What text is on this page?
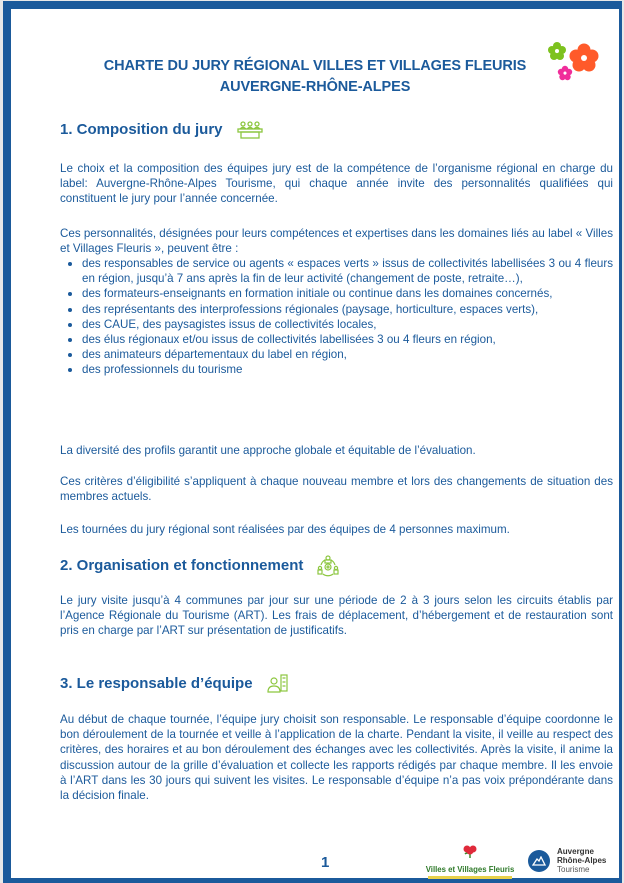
CHARTE DU JURY RÉGIONAL VILLES ET VILLAGES FLEURIS
AUVERGNE-RHÔNE-ALPES
1. Composition du jury

Le choix et la composition des équipes jury est de la compétence de l’organisme régional en charge du label: Auvergne-Rhône-Alpes Tourisme, qui chaque année invite des personnalités qualifiées qui constituent le jury pour l’année concernée.

Ces personnalités, désignées pour leurs compétences et expertises dans les domaines liés au label « Villes et Villages Fleuris », peuvent être :

des responsables de service ou agents « espaces verts » issus de collectivités labellisées 3 ou 4 fleurs en région, jusqu’à 7 ans après la fin de leur activité (changement de poste, retraite…),
des formateurs-enseignants en formation initiale ou continue dans les domaines concernés,
des représentants des interprofessions régionales (paysage, horticulture, espaces verts),
des CAUE, des paysagistes issus de collectivités locales,
des élus régionaux et/ou issus de collectivités labellisées 3 ou 4 fleurs en région,
des animateurs départementaux du label en région,
des professionnels du tourisme

La diversité des profils garantit une approche globale et équitable de l’évaluation.

Ces critères d’éligibilité s’appliquent à chaque nouveau membre et lors des changements de situation des membres actuels.

Les tournées du jury régional sont réalisées par des équipes de 4 personnes maximum.

2. Organisation et fonctionnement

Le jury visite jusqu’à 4 communes par jour sur une période de 2 à 3 jours selon les circuits établis par l’Agence Régionale du Tourisme (ART). Les frais de déplacement, d’hébergement et de restauration sont pris en charge par l’ART sur présentation de justificatifs.

3. Le responsable d’équipe

Au début de chaque tournée, l’équipe jury choisit son responsable. Le responsable d’équipe coordonne le bon déroulement de la tournée et veille à l’application de la charte. Pendant la visite, il veille au respect des critères, des horaires et au bon déroulement des échanges avec les collectivités. Après la visite, il anime la discussion autour de la grille d’évaluation et collecte les rapports rédigés par chaque membre. Il les envoie à l’ART dans les 30 jours qui suivent les visites. Le responsable d’équipe n’a pas voix prépondérante dans la décision finale.

1	Villes et Villages Fleuris
Auvergne
Rhône-Alpes
Tourisme
